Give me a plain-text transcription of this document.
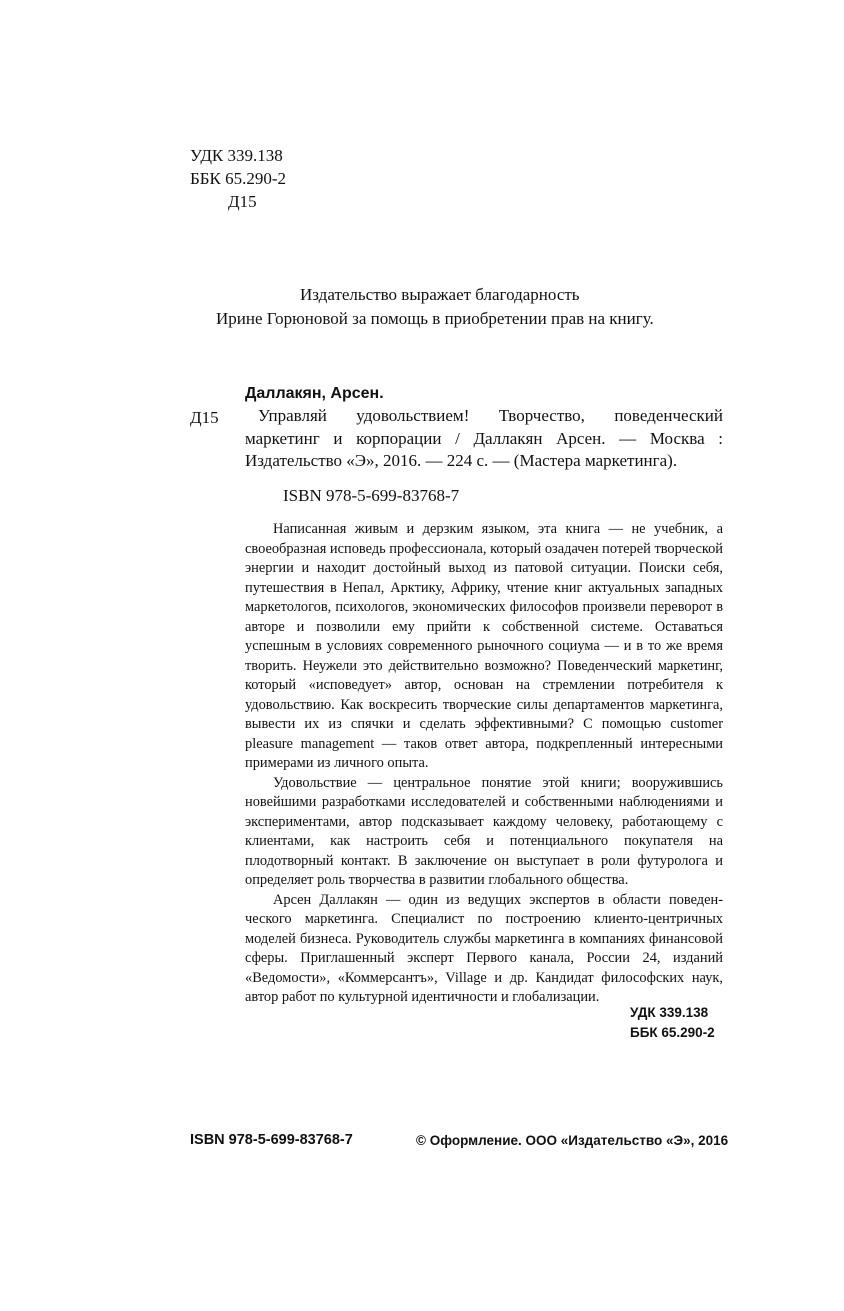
УДК 339.138
ББК 65.290-2
Д15
Издательство выражает благодарность
Ирине Горюновой за помощь в приобретении прав на книгу.
Д15
Даллакян, Арсен.

Управляй удовольствием! Творчество, поведенческий маркетинг и корпорации / Даллакян Арсен. — Москва : Издательство «Э», 2016. — 224 с. — (Мастера маркетинга).

ISBN 978-5-699-83768-7

Написанная живым и дерзким языком, эта книга — не учебник, а своеобразная исповедь профессионала, который озадачен потерей творческой энергии и находит достойный выход из патовой ситуации. Поиски себя, путешествия в Непал, Арктику, Африку, чтение книг актуальных западных маркетологов, психологов, экономических философов произвели переворот в авторе и позволили ему прийти к собственной системе. Оставаться успешным в условиях современного рыночного социума — и в то же время творить. Неужели это действительно возможно? Поведенческий маркетинг, который «исповедует» автор, основан на стремлении потребителя к удовольствию. Как воскресить творческие силы департаментов маркетинга, вывести их из спячки и сделать эффективными? С помощью customer pleasure management — таков ответ автора, подкрепленный интересными примерами из личного опыта.

Удовольствие — центральное понятие этой книги; вооружившись новейшими разработками исследователей и собственными наблюдениями и экспериментами, автор подсказывает каждому человеку, работающему с клиентами, как настроить себя и потенциального покупателя на плодотворный контакт. В заключение он выступает в роли футуролога и определяет роль творчества в развитии глобального общества.

Арсен Даллакян — один из ведущих экспертов в области поведенческого маркетинга. Специалист по построению клиенто-центричных моделей бизнеса. Руководитель службы маркетинга в компаниях финансовой сферы. Приглашенный эксперт Первого канала, России 24, изданий «Ведомости», «Коммерсантъ», Village и др. Кандидат философских наук, автор работ по культурной идентичности и глобализации.

УДК 339.138
ББК 65.290-2
ISBN 978-5-699-83768-7	© Оформление. ООО «Издательство «Э», 2016
